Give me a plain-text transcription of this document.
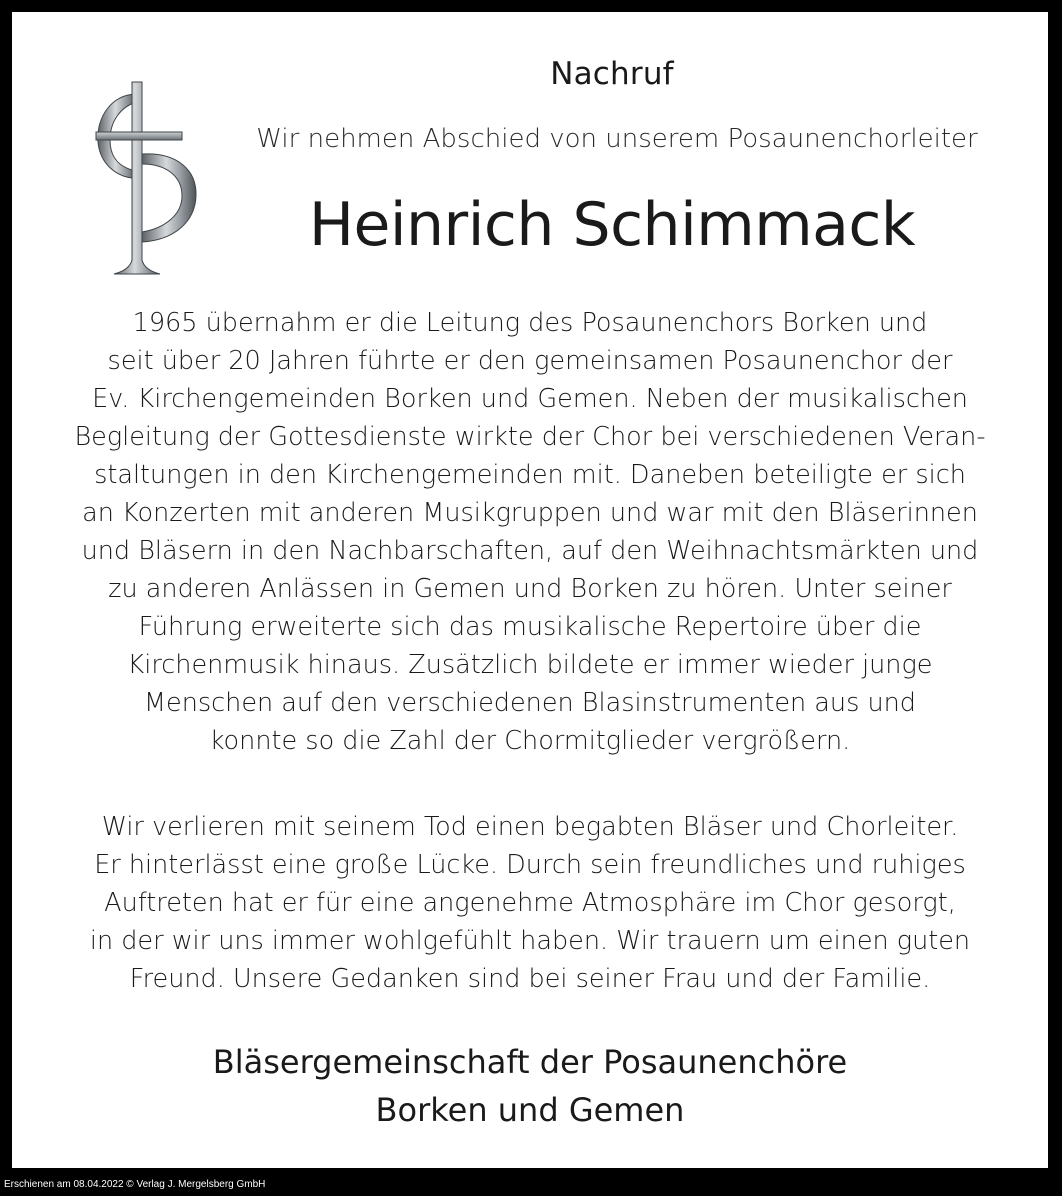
Nachruf
Wir nehmen Abschied von unserem Posaunenchorleiter
Heinrich Schimmack
1965 übernahm er die Leitung des Posaunenchors Borken und
seit über 20 Jahren führte er den gemeinsamen Posaunenchor der
Ev. Kirchengemeinden Borken und Gemen. Neben der musikalischen
Begleitung der Gottesdienste wirkte der Chor bei verschiedenen Veran-
staltungen in den Kirchengemeinden mit. Daneben beteiligte er sich
an Konzerten mit anderen Musikgruppen und war mit den Bläserinnen
und Bläsern in den Nachbarschaften, auf den Weihnachtsmärkten und
zu anderen Anlässen in Gemen und Borken zu hören. Unter seiner
Führung erweiterte sich das musikalische Repertoire über die
Kirchenmusik hinaus. Zusätzlich bildete er immer wieder junge
Menschen auf den verschiedenen Blasinstrumenten aus und
konnte so die Zahl der Chormitglieder vergrößern.
Wir verlieren mit seinem Tod einen begabten Bläser und Chorleiter.
Er hinterlässt eine große Lücke. Durch sein freundliches und ruhiges
Auftreten hat er für eine angenehme Atmosphäre im Chor gesorgt,
in der wir uns immer wohlgefühlt haben. Wir trauern um einen guten
Freund. Unsere Gedanken sind bei seiner Frau und der Familie.
Bläsergemeinschaft der Posaunenchöre
Borken und Gemen
Erschienen am 08.04.2022 © Verlag J. Mergelsberg GmbH
